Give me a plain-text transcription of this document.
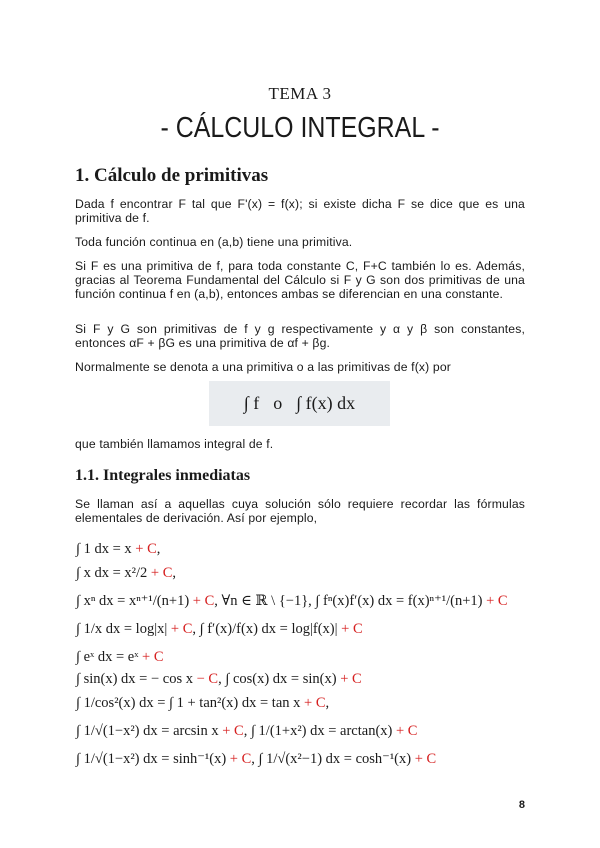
TEMA 3
- CÁLCULO INTEGRAL -
1. Cálculo de primitivas
Dada f encontrar F tal que F'(x) = f(x); si existe dicha F se dice que es una primitiva de f.
Toda función continua en (a,b) tiene una primitiva.
Si F es una primitiva de f, para toda constante C, F+C también lo es. Además, gracias al Teorema Fundamental del Cálculo si F y G son dos primitivas de una función continua f en (a,b), entonces ambas se diferencian en una constante.
Si F y G son primitivas de f y g respectivamente y α y β son constantes, entonces αF + βG es una primitiva de αf + βg.
Normalmente se denota a una primitiva o a las primitivas de f(x) por
∫ f o ∫ f(x) dx
que también llamamos integral de f.
1.1. Integrales inmediatas
Se llaman así a aquellas cuya solución sólo requiere recordar las fórmulas elementales de derivación. Así por ejemplo,
∫ 1 dx = x + C,
∫ x dx = x²/2 + C,
∫ xⁿ dx = xⁿ⁺¹/(n+1) + C, ∀n ∈ ℝ \ {−1}, ∫ fⁿ(x)f′(x) dx = f(x)ⁿ⁺¹/(n+1) + C
∫ 1/x dx = log|x| + C, ∫ f′(x)/f(x) dx = log|f(x)| + C
∫ eˣ dx = eˣ + C
∫ sin(x) dx = − cos x − C, ∫ cos(x) dx = sin(x) + C
∫ 1/cos²(x) dx = ∫ 1 + tan²(x) dx = tan x + C,
∫ 1/√(1−x²) dx = arcsin x + C, ∫ 1/(1+x²) dx = arctan(x) + C
∫ 1/√(1−x²) dx = sinh⁻¹(x) + C, ∫ 1/√(x²−1) dx = cosh⁻¹(x) + C
8
